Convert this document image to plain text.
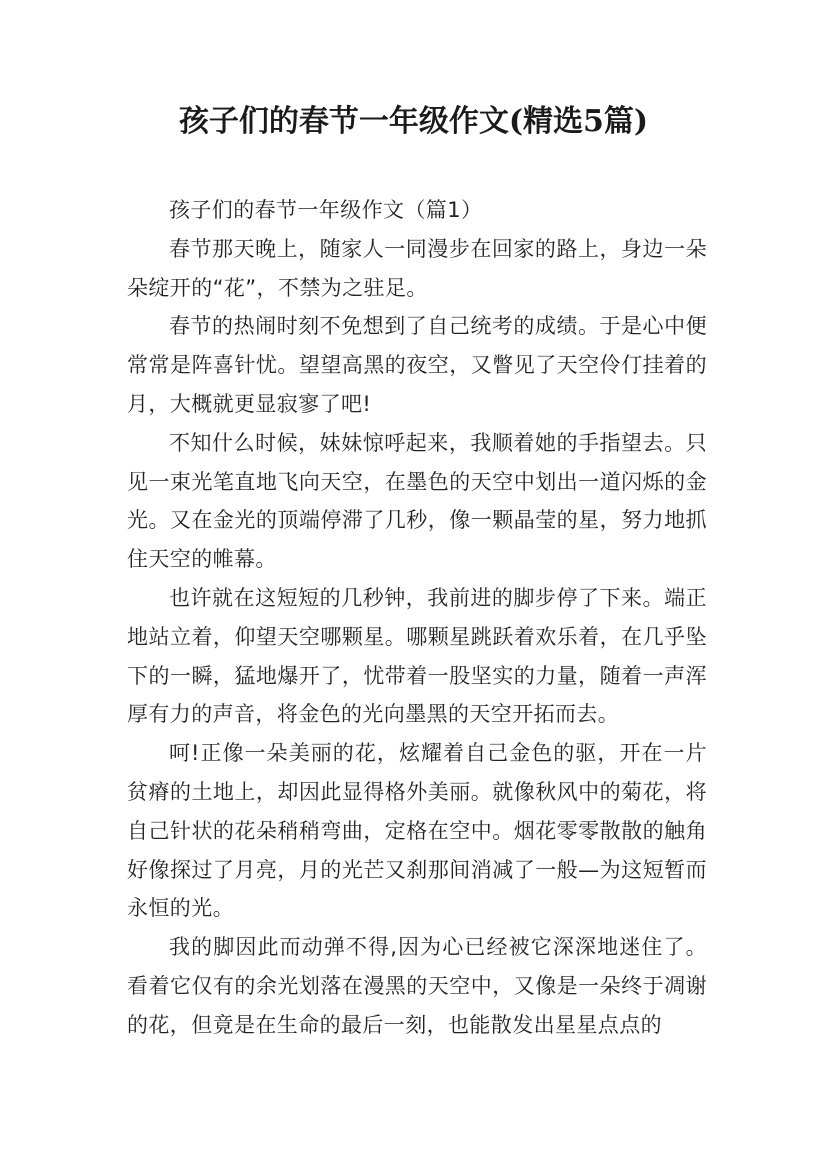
孩子们的春节一年级作文(精选5篇)

孩子们的春节一年级作文（篇1）

春节那天晚上，随家人一同漫步在回家的路上，身边一朵朵绽开的“花”，不禁为之驻足。

春节的热闹时刻不免想到了自己统考的成绩。于是心中便常常是阵喜针忧。望望高黑的夜空，又瞥见了天空伶仃挂着的月，大概就更显寂寥了吧!

不知什么时候，妹妹惊呼起来，我顺着她的手指望去。只见一束光笔直地飞向天空，在墨色的天空中划出一道闪烁的金光。又在金光的顶端停滞了几秒，像一颗晶莹的星，努力地抓住天空的帷幕。

也许就在这短短的几秒钟，我前进的脚步停了下来。端正地站立着，仰望天空哪颗星。哪颗星跳跃着欢乐着，在几乎坠下的一瞬，猛地爆开了，忧带着一股坚实的力量，随着一声浑厚有力的声音，将金色的光向墨黑的天空开拓而去。

呵!正像一朵美丽的花，炫耀着自己金色的驱，开在一片贫瘠的土地上，却因此显得格外美丽。就像秋风中的菊花，将自己针状的花朵稍稍弯曲，定格在空中。烟花零零散散的触角好像探过了月亮，月的光芒又刹那间消减了一般—为这短暂而永恒的光。

我的脚因此而动弹不得,因为心已经被它深深地迷住了。看着它仅有的余光划落在漫黑的天空中，又像是一朵终于凋谢的花，但竟是在生命的最后一刻，也能散发出星星点点的
